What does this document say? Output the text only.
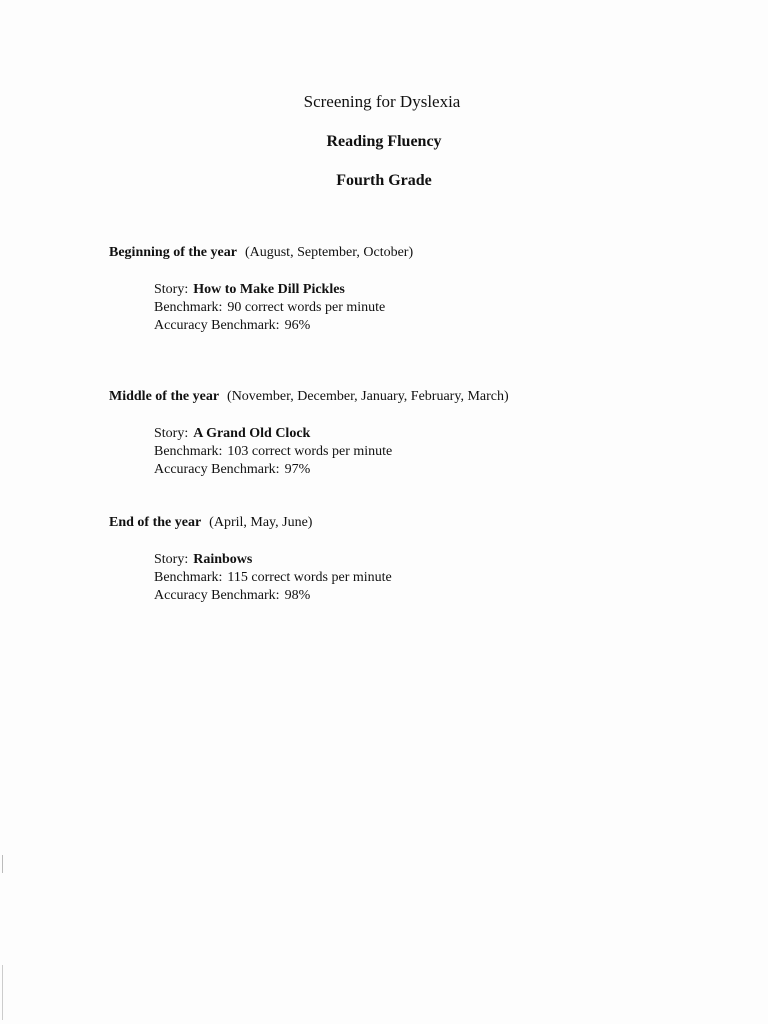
Screening for Dyslexia
Reading Fluency
Fourth Grade
Beginning of the year (August, September, October)
Story: How to Make Dill Pickles
Benchmark: 90 correct words per minute
Accuracy Benchmark: 96%
Middle of the year (November, December, January, February, March)
Story: A Grand Old Clock
Benchmark: 103 correct words per minute
Accuracy Benchmark: 97%
End of the year (April, May, June)
Story: Rainbows
Benchmark: 115 correct words per minute
Accuracy Benchmark: 98%
